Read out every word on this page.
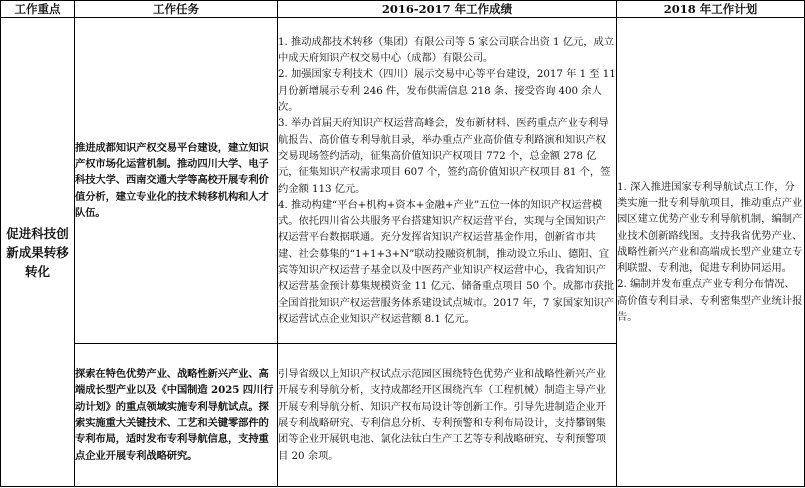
工作重点	工作任务	2016-2017 年工作成绩	2018 年工作计划
促进科技创新成果转移转化	推进成都知识产权交易平台建设，建立知识产权市场化运营机制。推动四川大学、电子科技大学、西南交通大学等高校开展专利价值分析，建立专业化的技术转移机构和人才队伍。	1. 推动成都技术转移（集团）有限公司等 5 家公司联合出资 1 亿元，成立中成天府知识产权交易中心（成都）有限公司。
2. 加强国家专利技术（四川）展示交易中心等平台建设，2017 年 1 至 11 月份新增展示专利 246 件，发布供需信息 218 条、接受咨询 400 余人次。
3. 举办首届天府知识产权运营高峰会，发布新材料、医药重点产业专利导航报告、高价值专利导航目录，举办重点产业高价值专利路演和知识产权交易现场签约活动，征集高价值知识产权项目 772 个，总金额 278 亿元，征集知识产权需求项目 607 个，签约高价值知识产权项目 81 个，签约金额 113 亿元。
4. 推动构建“平台+机构+资本+金融+产业”五位一体的知识产权运营模式。依托四川省公共服务平台搭建知识产权运营平台，实现与全国知识产权运营平台数据联通。充分发挥省知识产权运营基金作用，创新省市共建、社会募集的“1+1+3+N”联动投融资机制，推动设立乐山、德阳、宜宾等知识产权运营子基金以及中医药产业知识产权运营中心，我省知识产权运营基金预计募集规模资金 11 亿元、储备重点项目 50 个。成都市获批全国首批知识产权运营服务体系建设试点城市。2017 年，7 家国家知识产权运营试点企业知识产权运营额 8.1 亿元。	1. 深入推进国家专利导航试点工作，分类实施一批专利导航项目，推动重点产业园区建立优势产业专利导航机制，编制产业技术创新路线图。支持我省优势产业、战略性新兴产业和高端成长型产业建立专利联盟、专利池，促进专利协同运用。
2. 编制并发布重点产业专利分布情况、高价值专利目录、专利密集型产业统计报告。

	探索在特色优势产业、战略性新兴产业、高端成长型产业以及《中国制造 2025 四川行动计划》的重点领域实施专利导航试点。探索实施重大关键技术、工艺和关键零部件的专利布局，适时发布专利导航信息，支持重点企业开展专利战略研究。	引导省级以上知识产权试点示范园区围绕特色优势产业和战略性新兴产业开展专利导航分析，支持成都经开区围绕汽车（工程机械）制造主导产业开展专利导航分析、知识产权布局设计等创新工作。引导先进制造企业开展专利战略研究、专利信息分析、专利预警和专利布局设计，支持攀钢集团等企业开展钒电池、氯化法钛白生产工艺等专利战略研究、专利预警项目 20 余项。	
